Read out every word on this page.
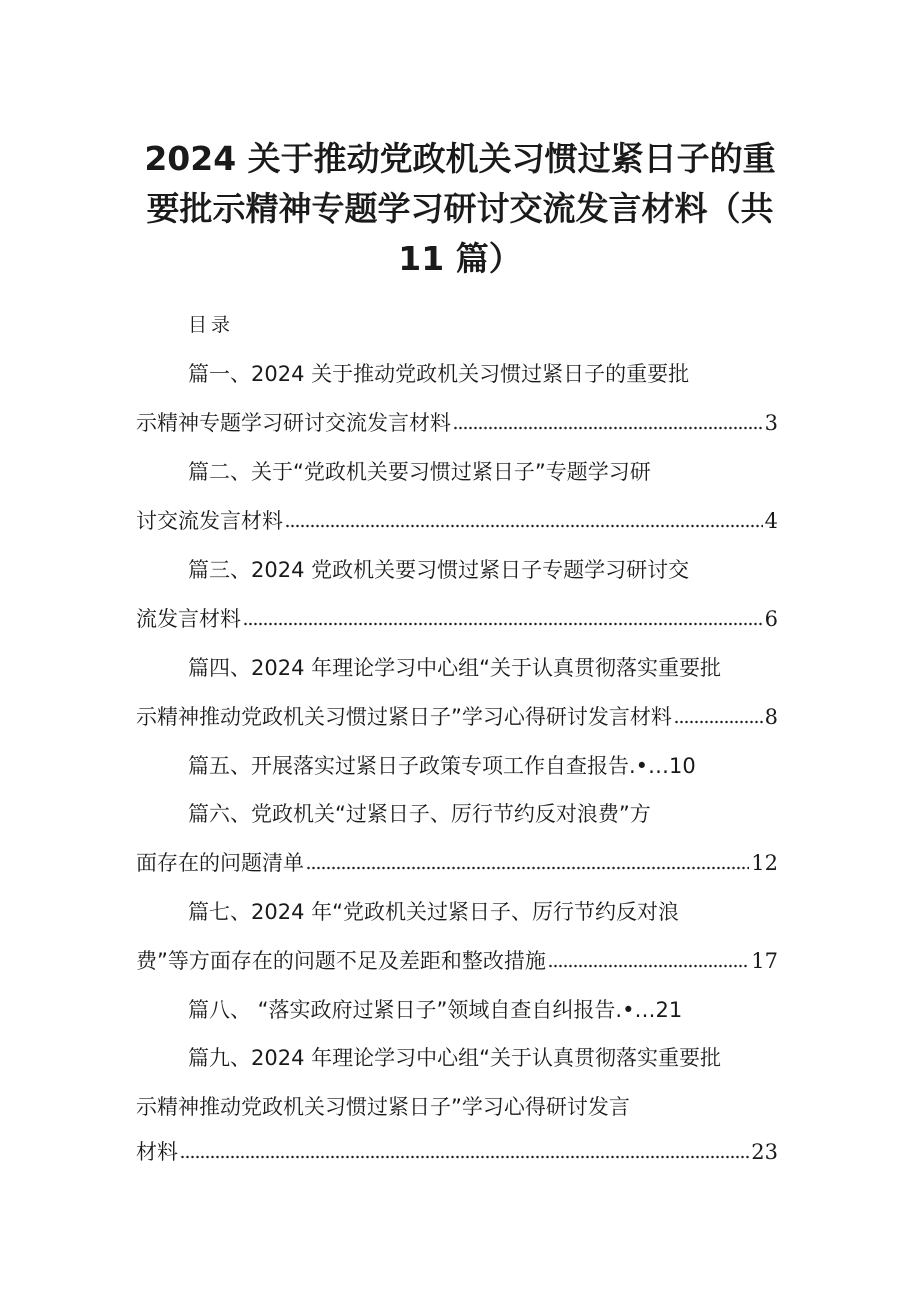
2024 关于推动党政机关习惯过紧日子的重
要批示精神专题学习研讨交流发言材料（共
11 篇）
目录
篇一、2024 关于推动党政机关习惯过紧日子的重要批
示精神专题学习研讨交流发言材料	3
篇二、关于“党政机关要习惯过紧日子”专题学习研
讨交流发言材料	4
篇三、2024 党政机关要习惯过紧日子专题学习研讨交
流发言材料	6
篇四、2024 年理论学习中心组“关于认真贯彻落实重要批
示精神推动党政机关习惯过紧日子”学习心得研讨发言材料	8
篇五、开展落实过紧日子政策专项工作自查报告.•…10
篇六、党政机关“过紧日子、厉行节约反对浪费”方
面存在的问题清单	12
篇七、2024 年“党政机关过紧日子、厉行节约反对浪
费”等方面存在的问题不足及差距和整改措施	17
篇八、 “落实政府过紧日子”领域自查自纠报告.•…21
篇九、2024 年理论学习中心组“关于认真贯彻落实重要批
示精神推动党政机关习惯过紧日子”学习心得研讨发言
材料	23
